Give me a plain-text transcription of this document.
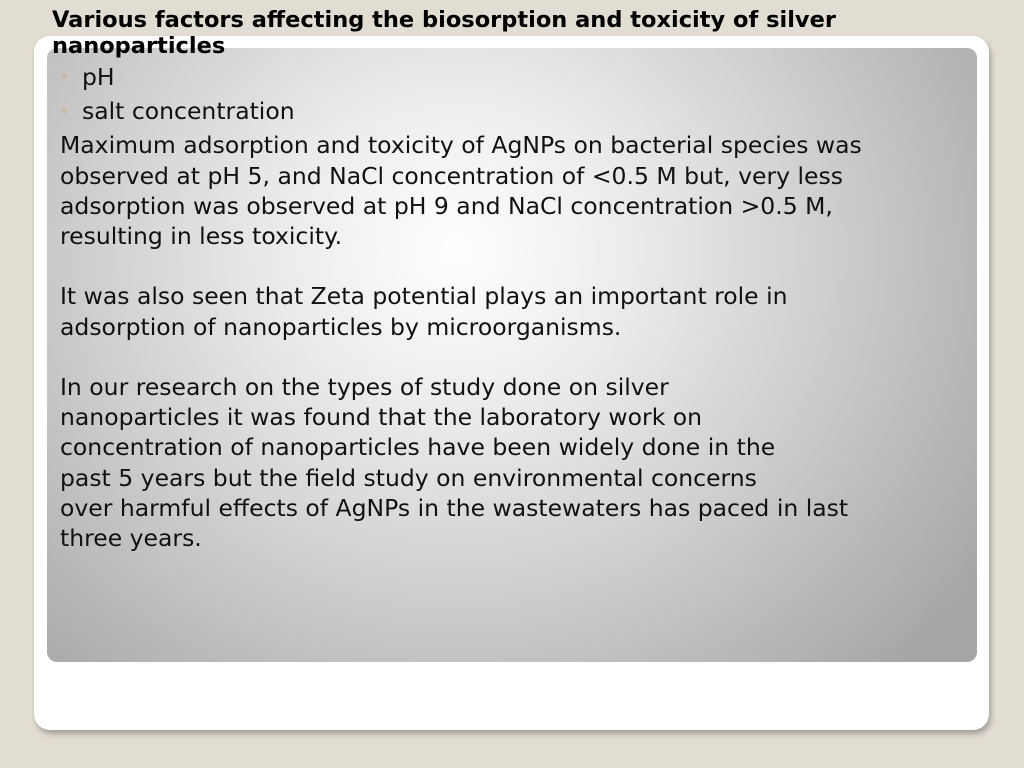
Various factors affecting the biosorption and toxicity of silver nanoparticles
◦ pH
◦ salt concentration
Maximum adsorption and toxicity of AgNPs on bacterial species was
observed at pH 5, and NaCl concentration of <0.5 M but, very less
adsorption was observed at pH 9 and NaCl concentration >0.5 M,
resulting in less toxicity.
It was also seen that Zeta potential plays an important role in
adsorption of nanoparticles by microorganisms.
In our research on the types of study done on silver
nanoparticles it was found that the laboratory work on
concentration of nanoparticles have been widely done in the
past 5 years but the field study on environmental concerns
over harmful effects of AgNPs in the wastewaters has paced in last
three years.
